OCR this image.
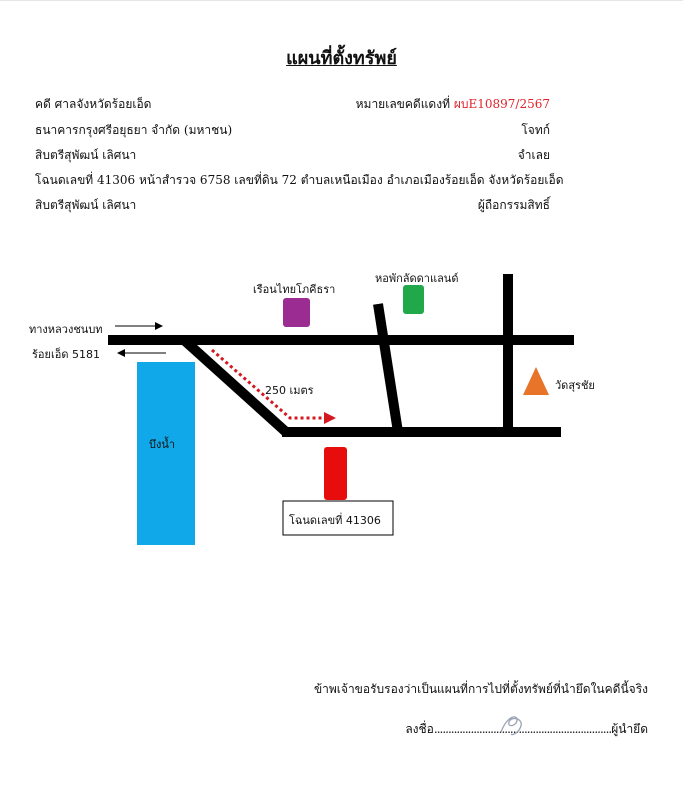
แผนที่ตั้งทรัพย์
คดี ศาลจังหวัดร้อยเอ็ด	หมายเลขคดีแดงที่ ผบE10897/2567
ธนาคารกรุงศรีอยุธยา จำกัด (มหาชน)	โจทก์
สิบตรีสุพัฒน์ เลิศนา	จำเลย
โฉนดเลขที่ 41306 หน้าสำรวจ 6758 เลขที่ดิน 72 ตำบลเหนือเมือง อำเภอเมืองร้อยเอ็ด จังหวัดร้อยเอ็ด
สิบตรีสุพัฒน์ เลิศนา	ผู้ถือกรรมสิทธิ์
ทางหลวงชนบท
ร้อยเอ็ด 5181
เรือนไทยโภคีธรา
หอพักลัดดาแลนด์
250 เมตร
บึงน้ำ
วัดสุรชัย
โฉนดเลขที่ 41306
ข้าพเจ้าขอรับรองว่าเป็นแผนที่การไปที่ตั้งทรัพย์ที่นำยึดในคดีนี้จริง
ลงชื่อ...............................................................ผู้นำยึด
